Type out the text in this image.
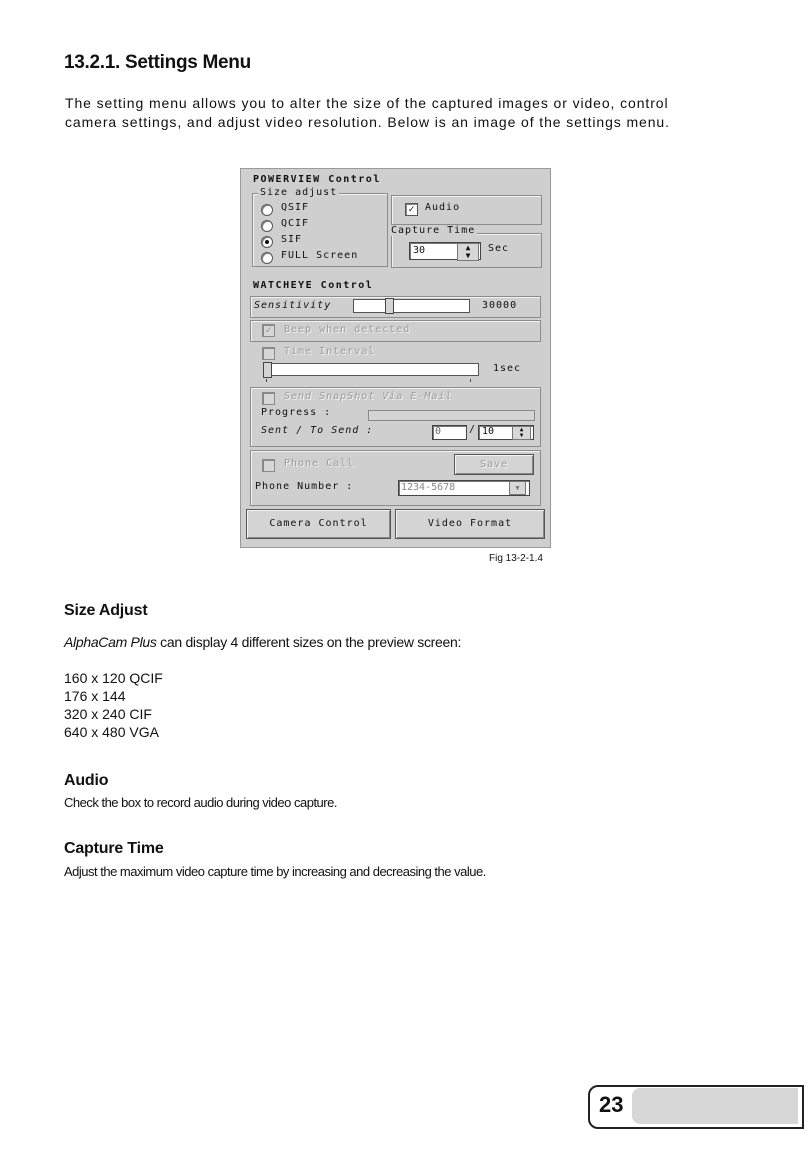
13.2.1. Settings Menu
The setting menu allows you to alter the size of the captured images or video, control
camera settings, and adjust video resolution. Below is an image of the settings menu.
POWERVIEW Control
Size adjust
QSIF
QCIF
SIF
FULL Screen
✓	Audio
Capture Time
30	▲
▼
Sec
WATCHEYE Control
Sensitivity	30000
✓	Beep when detected
Time Interval
1sec
Send SnapShot Via E-Mail
Progress :
Sent / To Send :	0	/ 10	▲
▼
Phone Call	Save
Phone Number :	1234-5678	▼
Camera Control	Video Format
Fig 13-2-1.4
Size Adjust
AlphaCam Plus can display 4 different sizes on the preview screen:
160 x 120 QCIF
176 x 144
320 x 240 CIF
640 x 480 VGA
Audio
Check the box to record audio during video capture.
Capture Time
Adjust the maximum video capture time by increasing and decreasing the value.
23
